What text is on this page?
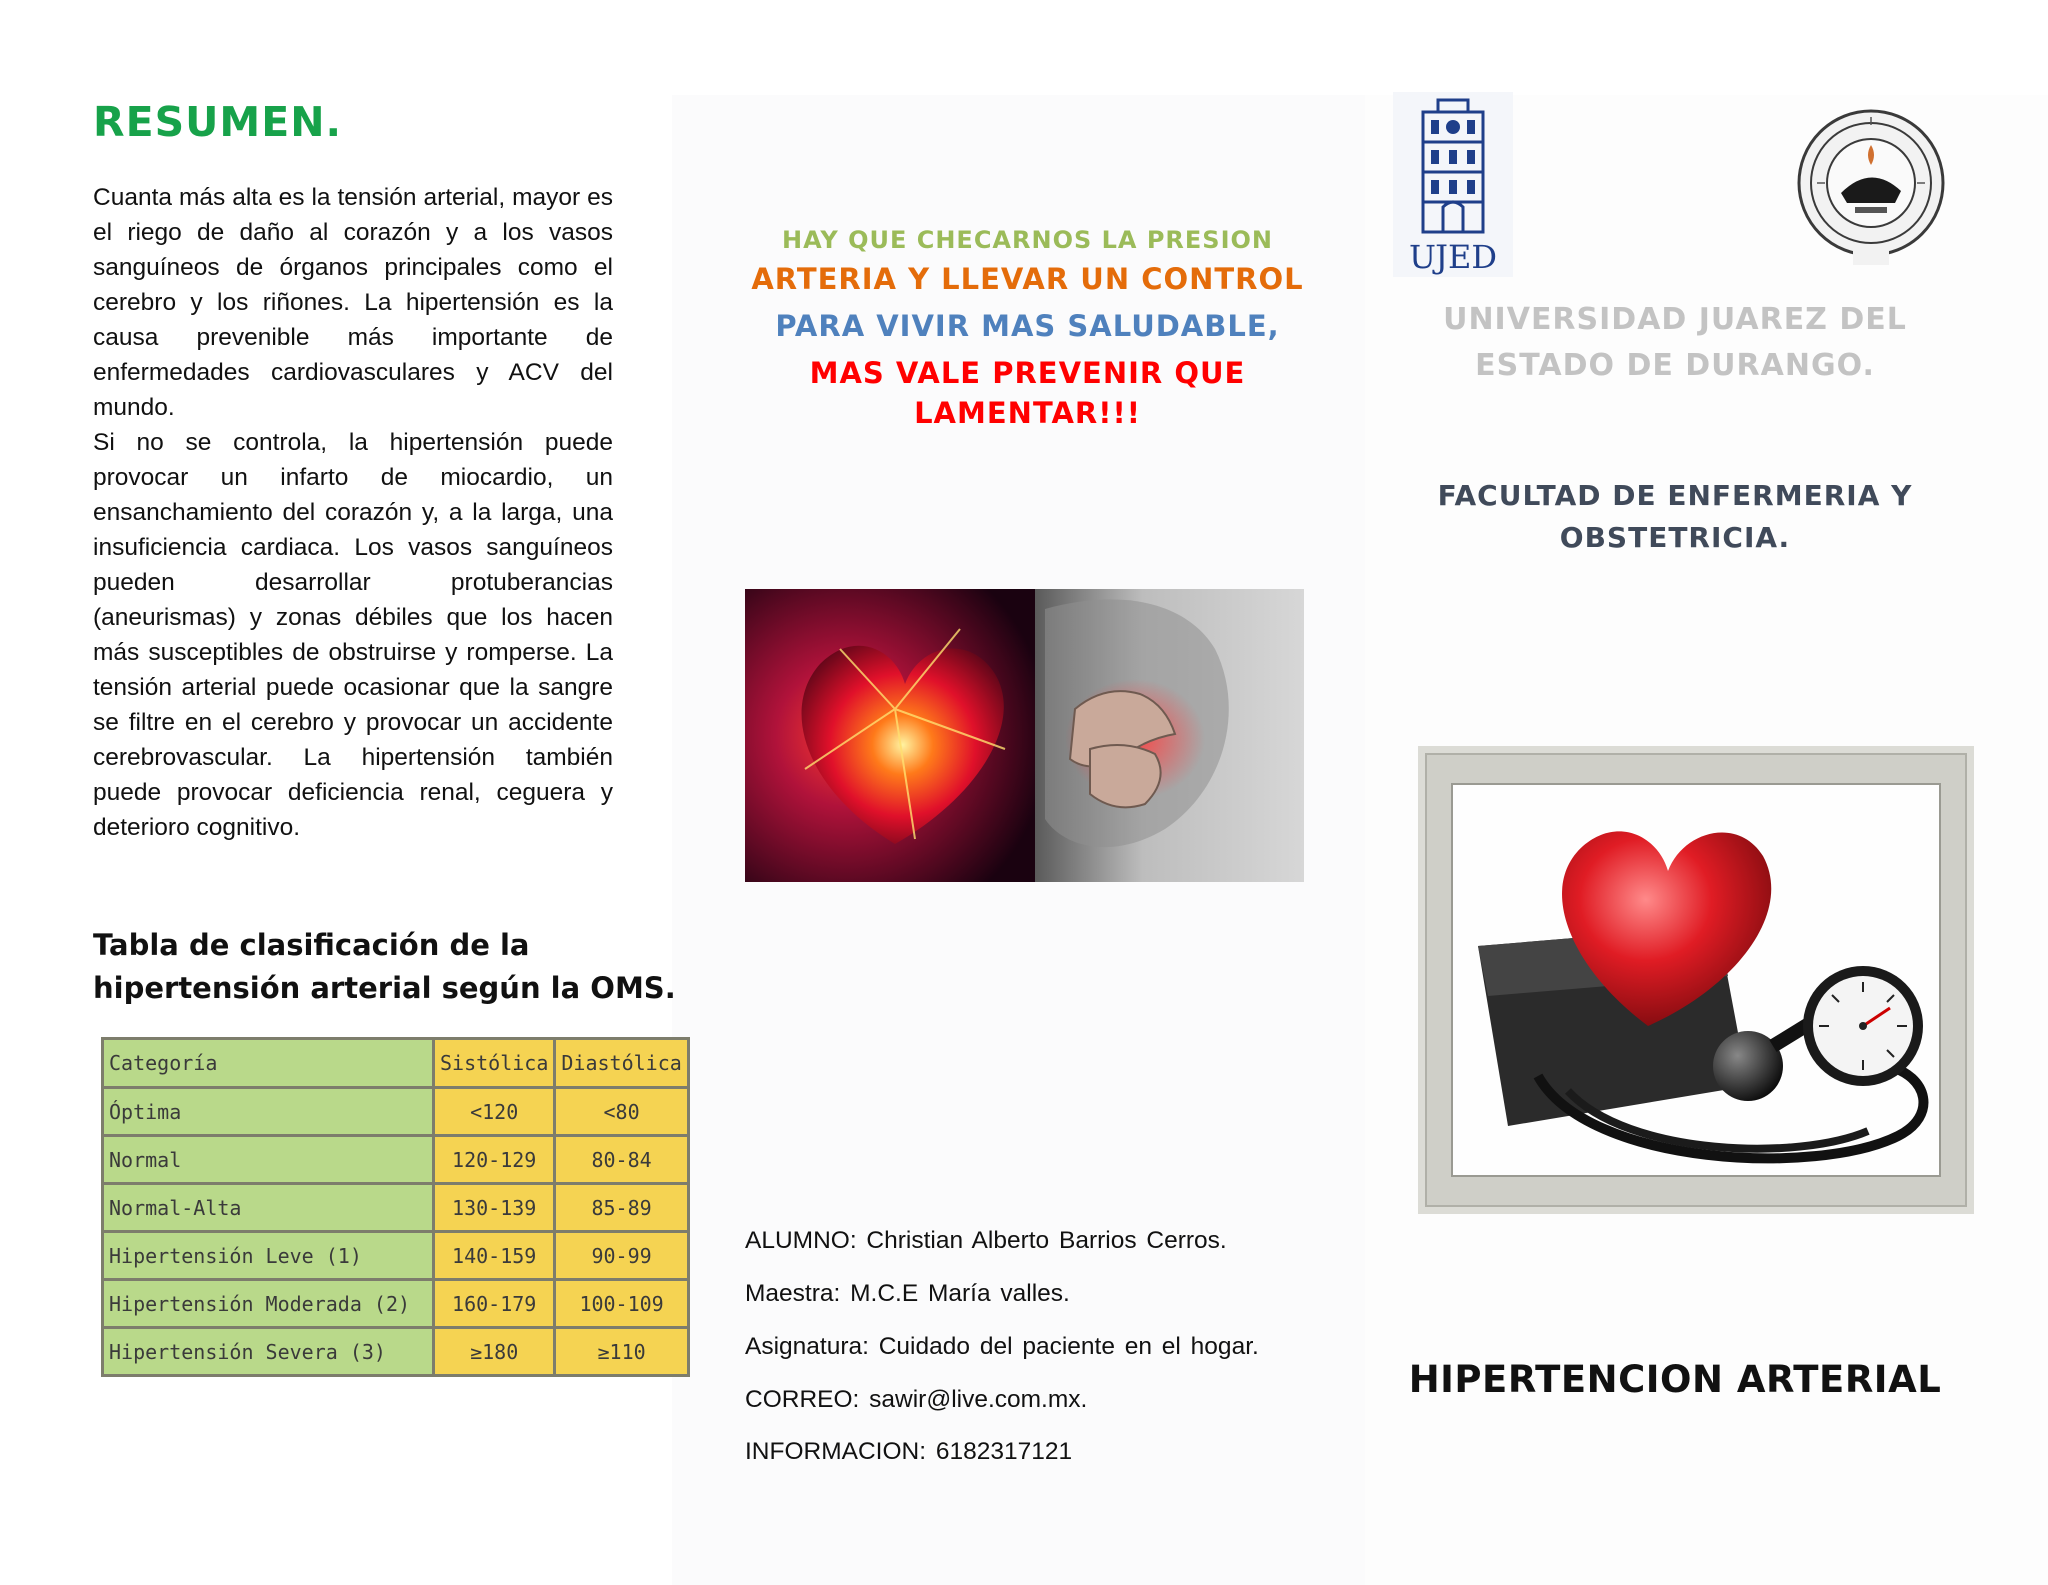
RESUMEN.

Cuanta más alta es la tensión arterial, mayor es el riego de daño al corazón y a los vasos sanguíneos de órganos principales como el cerebro y los riñones. La hipertensión es la causa prevenible más importante de enfermedades cardiovasculares y ACV del mundo.

Si no se controla, la hipertensión puede provocar un infarto de miocardio, un ensanchamiento del corazón y, a la larga, una insuficiencia cardiaca. Los vasos sanguíneos pueden desarrollar protuberancias (aneurismas) y zonas débiles que los hacen más susceptibles de obstruirse y romperse. La tensión arterial puede ocasionar que la sangre se filtre en el cerebro y provocar un accidente cerebrovascular. La hipertensión también puede provocar deficiencia renal, ceguera y deterioro cognitivo.

Tabla de clasificación de la
hipertensión arterial según la OMS.
Categoría	Sistólica	Diastólica
Óptima	<120	<80
Normal	120-129	80-84
Normal-Alta	130-139	85-89
Hipertensión Leve (1)	140-159	90-99
Hipertensión Moderada (2)	160-179	100-109
Hipertensión Severa (3)	≥180	≥110
HAY QUE CHECARNOS LA PRESION
ARTERIA Y LLEVAR UN CONTROL
PARA VIVIR MAS SALUDABLE,
MAS VALE PREVENIR QUE
LAMENTAR!!!
ALUMNO: Christian Alberto Barrios Cerros.
Maestra: M.C.E María valles.
Asignatura: Cuidado del paciente en el hogar.
CORREO: sawir@live.com.mx.
INFORMACION: 6182317121
UJED
UNIVERSIDAD JUAREZ DEL
ESTADO DE DURANGO.
FACULTAD DE ENFERMERIA Y
OBSTETRICIA.
HIPERTENCION ARTERIAL
